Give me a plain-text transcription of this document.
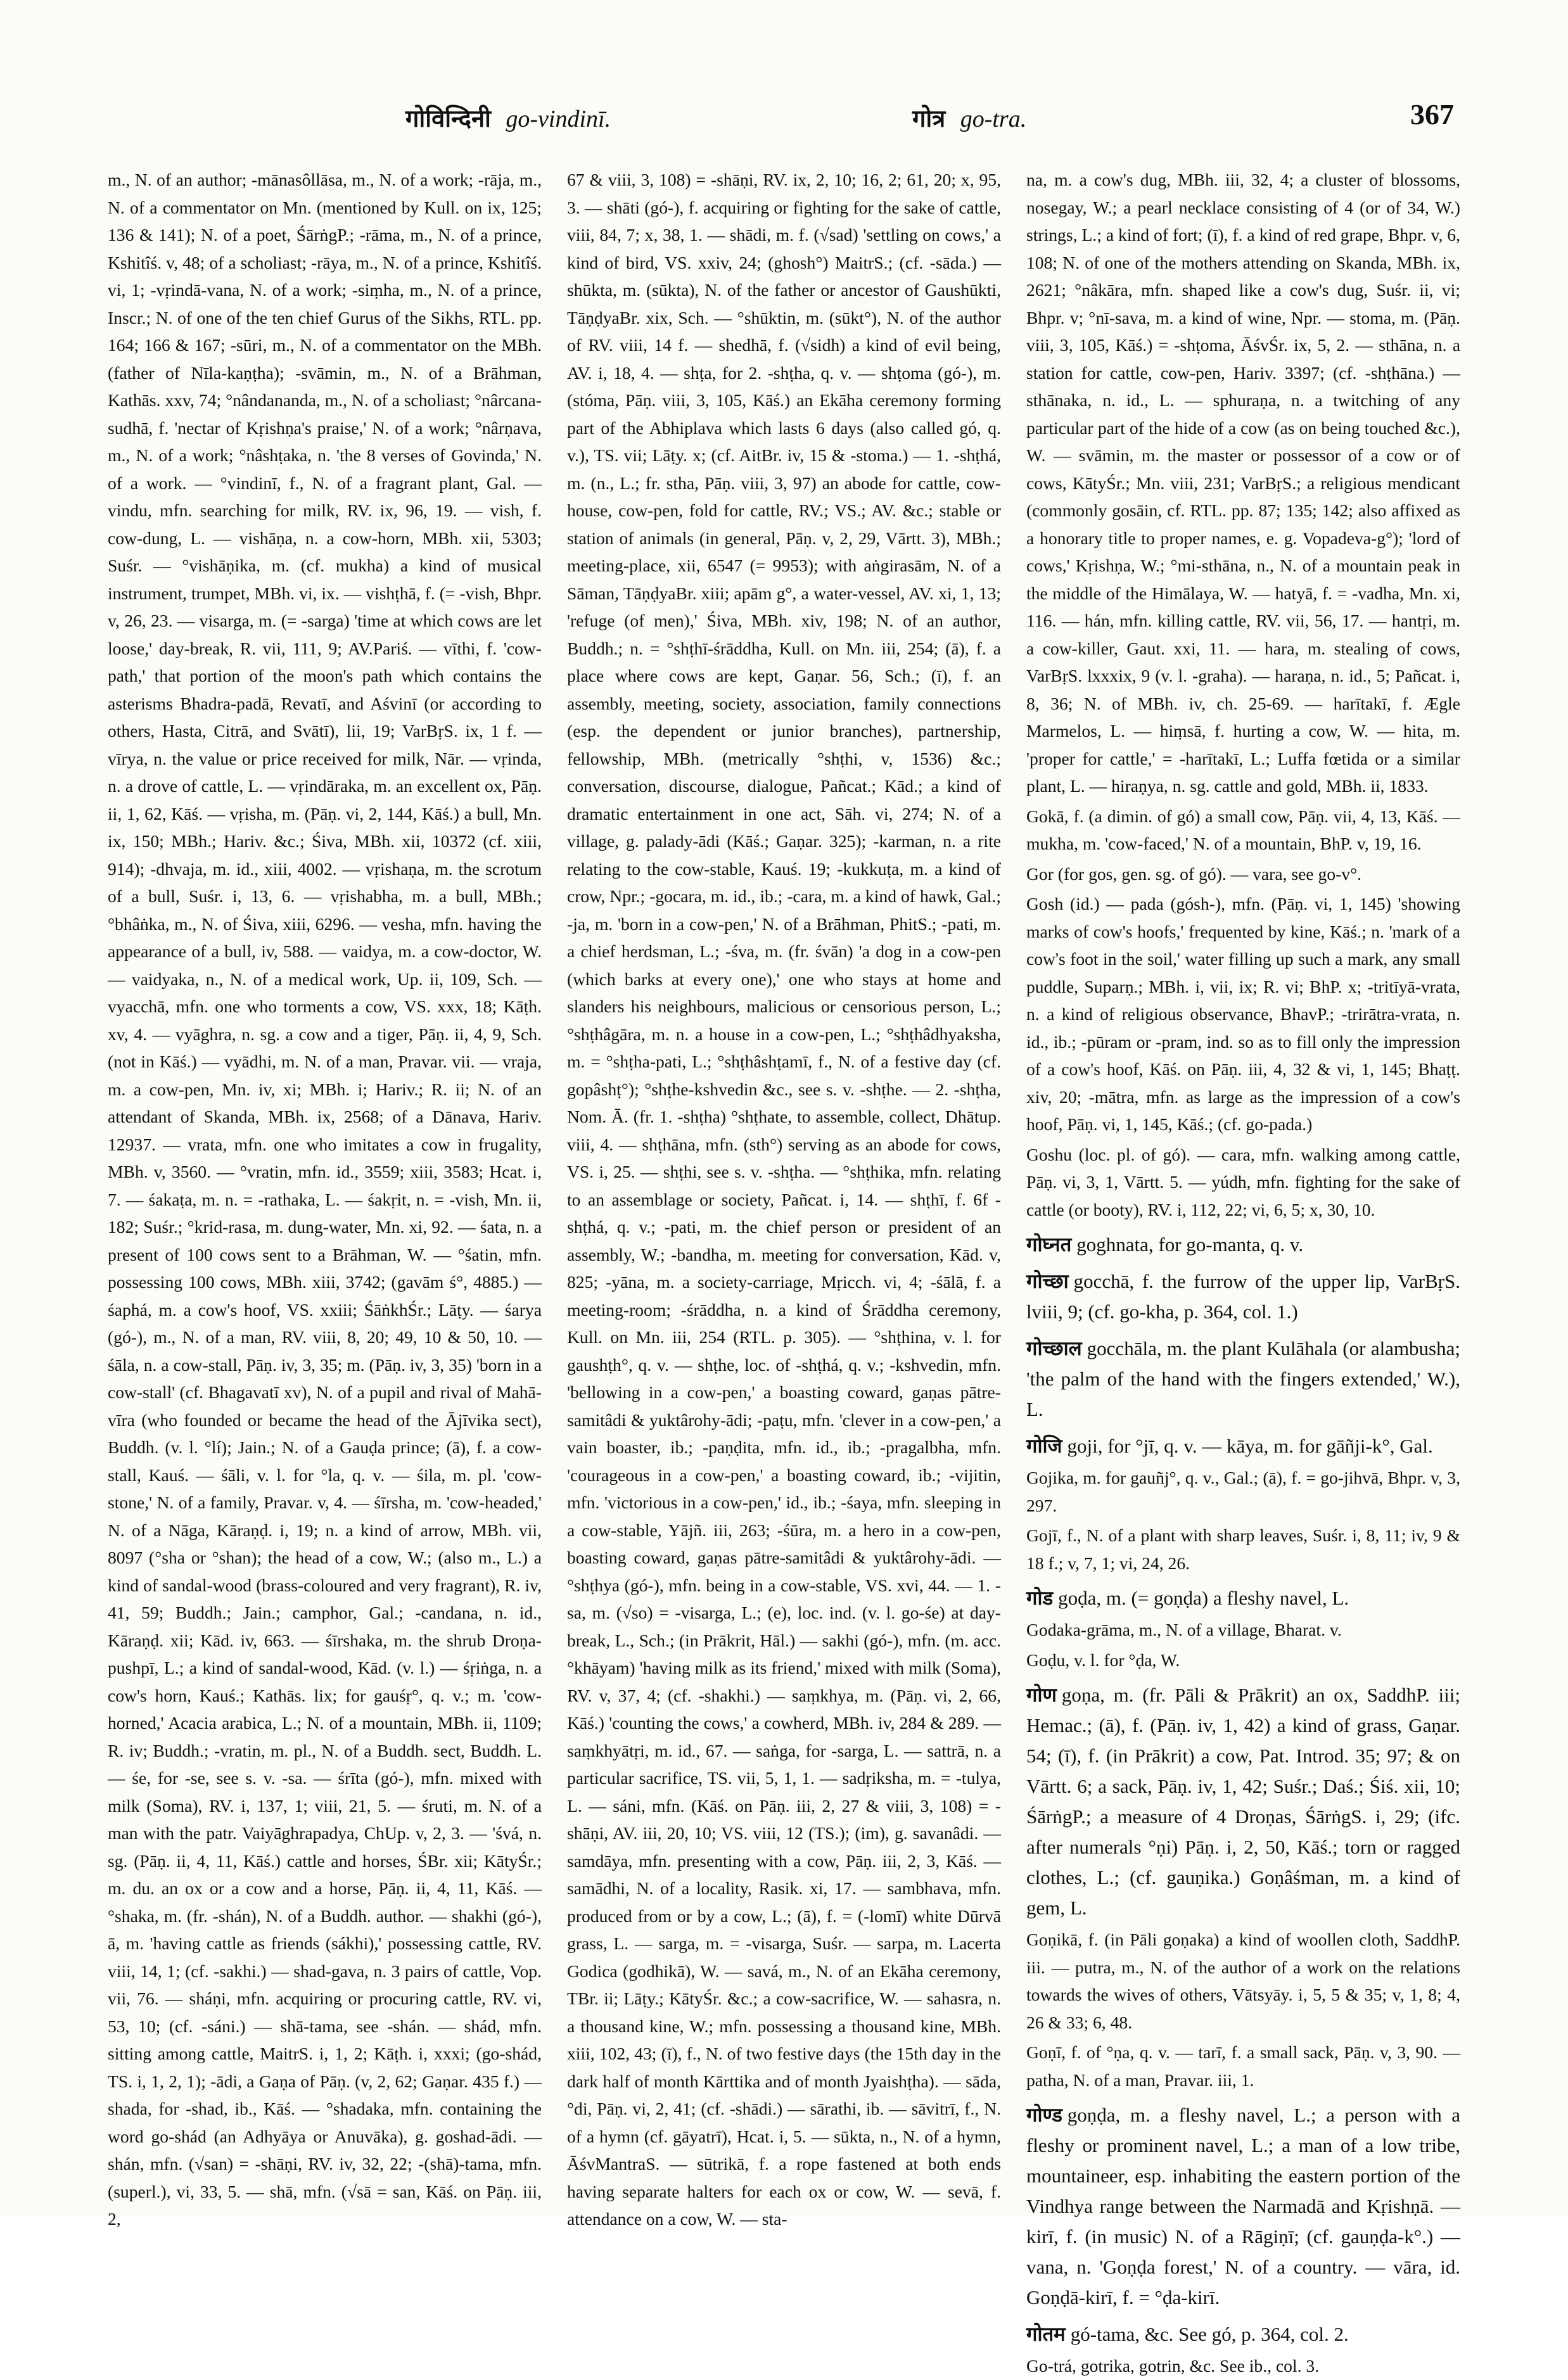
गोविन्दिनी go-vindinī.	गोत्र go-tra.	367

m., N. of an author; -mānasôllāsa, m., N. of a work; -rāja, m., N. of a commentator on Mn. (mentioned by Kull. on ix, 125; 136 & 141); N. of a poet, ŚārṅgP.; -rāma, m., N. of a prince, Kshitîś. v, 48; of a scholiast; -rāya, m., N. of a prince, Kshitîś. vi, 1; -vṛindā-vana, N. of a work; -siṃha, m., N. of a prince, Inscr.; N. of one of the ten chief Gurus of the Sikhs, RTL. pp. 164; 166 & 167; -sūri, m., N. of a commentator on the MBh. (father of Nīla-kaṇṭha); -svāmin, m., N. of a Brāhman, Kathās. xxv, 74; °nândananda, m., N. of a scholiast; °nârcana-sudhā, f. 'nectar of Kṛishṇa's praise,' N. of a work; °nârṇava, m., N. of a work; °nâshṭaka, n. 'the 8 verses of Govinda,' N. of a work. — °vindinī, f., N. of a fragrant plant, Gal. — vindu, mfn. searching for milk, RV. ix, 96, 19. — vish, f. cow-dung, L. — vishāṇa, n. a cow-horn, MBh. xii, 5303; Suśr. — °vishāṇika, m. (cf. mukha) a kind of musical instrument, trumpet, MBh. vi, ix. — vishṭhā, f. (= -vish, Bhpr. v, 26, 23. — visarga, m. (= -sarga) 'time at which cows are let loose,' day-break, R. vii, 111, 9; AV.Pariś. — vīthi, f. 'cow-path,' that portion of the moon's path which contains the asterisms Bhadra-padā, Revatī, and Aśvinī (or according to others, Hasta, Citrā, and Svātī), lii, 19; VarBṛS. ix, 1 f. — vīrya, n. the value or price received for milk, Nār. — vṛinda, n. a drove of cattle, L. — vṛindāraka, m. an excellent ox, Pāṇ. ii, 1, 62, Kāś. — vṛisha, m. (Pāṇ. vi, 2, 144, Kāś.) a bull, Mn. ix, 150; MBh.; Hariv. &c.; Śiva, MBh. xii, 10372 (cf. xiii, 914); -dhvaja, m. id., xiii, 4002. — vṛishaṇa, m. the scrotum of a bull, Suśr. i, 13, 6. — vṛishabha, m. a bull, MBh.; °bhâṅka, m., N. of Śiva, xiii, 6296. — vesha, mfn. having the appearance of a bull, iv, 588. — vaidya, m. a cow-doctor, W. — vaidyaka, n., N. of a medical work, Up. ii, 109, Sch. — vyacchā, mfn. one who torments a cow, VS. xxx, 18; Kāṭh. xv, 4. — vyāghra, n. sg. a cow and a tiger, Pāṇ. ii, 4, 9, Sch. (not in Kāś.) — vyādhi, m. N. of a man, Pravar. vii. — vraja, m. a cow-pen, Mn. iv, xi; MBh. i; Hariv.; R. ii; N. of an attendant of Skanda, MBh. ix, 2568; of a Dānava, Hariv. 12937. — vrata, mfn. one who imitates a cow in frugality, MBh. v, 3560. — °vratin, mfn. id., 3559; xiii, 3583; Hcat. i, 7. — śakaṭa, m. n. = -rathaka, L. — śakṛit, n. = -vish, Mn. ii, 182; Suśr.; °krid-rasa, m. dung-water, Mn. xi, 92. — śata, n. a present of 100 cows sent to a Brāhman, W. — °śatin, mfn. possessing 100 cows, MBh. xiii, 3742; (gavām ś°, 4885.) — śaphá, m. a cow's hoof, VS. xxiii; ŚāṅkhŚr.; Lāṭy. — śarya (gó-), m., N. of a man, RV. viii, 8, 20; 49, 10 & 50, 10. — śāla, n. a cow-stall, Pāṇ. iv, 3, 35; m. (Pāṇ. iv, 3, 35) 'born in a cow-stall' (cf. Bhagavatī xv), N. of a pupil and rival of Mahā-vīra (who founded or became the head of the Ājīvika sect), Buddh. (v. l. °lí); Jain.; N. of a Gauḍa prince; (ā), f. a cow-stall, Kauś. — śāli, v. l. for °la, q. v. — śila, m. pl. 'cow-stone,' N. of a family, Pravar. v, 4. — śīrsha, m. 'cow-headed,' N. of a Nāga, Kāraṇḍ. i, 19; n. a kind of arrow, MBh. vii, 8097 (°sha or °shan); the head of a cow, W.; (also m., L.) a kind of sandal-wood (brass-coloured and very fragrant), R. iv, 41, 59; Buddh.; Jain.; camphor, Gal.; -candana, n. id., Kāraṇḍ. xii; Kād. iv, 663. — śīrshaka, m. the shrub Droṇa-pushpī, L.; a kind of sandal-wood, Kād. (v. l.) — śṛiṅga, n. a cow's horn, Kauś.; Kathās. lix; for gauśṛ°, q. v.; m. 'cow-horned,' Acacia arabica, L.; N. of a mountain, MBh. ii, 1109; R. iv; Buddh.; -vratin, m. pl., N. of a Buddh. sect, Buddh. L. — śe, for -se, see s. v. -sa. — śrīta (gó-), mfn. mixed with milk (Soma), RV. i, 137, 1; viii, 21, 5. — śruti, m. N. of a man with the patr. Vaiyāghrapadya, ChUp. v, 2, 3. — 'śvá, n. sg. (Pāṇ. ii, 4, 11, Kāś.) cattle and horses, ŚBr. xii; KātyŚr.; m. du. an ox or a cow and a horse, Pāṇ. ii, 4, 11, Kāś. — °shaka, m. (fr. -shán), N. of a Buddh. author. — shakhi (gó-), ā, m. 'having cattle as friends (sákhi),' possessing cattle, RV. viii, 14, 1; (cf. -sakhi.) — shad-gava, n. 3 pairs of cattle, Vop. vii, 76. — sháṇi, mfn. acquiring or procuring cattle, RV. vi, 53, 10; (cf. -sáni.) — shā-tama, see -shán. — shád, mfn. sitting among cattle, MaitrS. i, 1, 2; Kāṭh. i, xxxi; (go-shád, TS. i, 1, 2, 1); -ādi, a Gaṇa of Pāṇ. (v, 2, 62; Gaṇar. 435 f.) — shada, for -shad, ib., Kāś. — °shadaka, mfn. containing the word go-shád (an Adhyāya or Anuvāka), g. goshad-ādi. — shán, mfn. (√san) = -shāṇi, RV. iv, 32, 22; -(shā)-tama, mfn. (superl.), vi, 33, 5. — shā, mfn. (√sā = san, Kāś. on Pāṇ. iii, 2,

67 & viii, 3, 108) = -shāṇi, RV. ix, 2, 10; 16, 2; 61, 20; x, 95, 3. — shāti (gó-), f. acquiring or fighting for the sake of cattle, viii, 84, 7; x, 38, 1. — shādi, m. f. (√sad) 'settling on cows,' a kind of bird, VS. xxiv, 24; (ghosh°) MaitrS.; (cf. -sāda.) — shūkta, m. (sūkta), N. of the father or ancestor of Gaushūkti, TāṇḍyaBr. xix, Sch. — °shūktin, m. (sūkt°), N. of the author of RV. viii, 14 f. — shedhā, f. (√sidh) a kind of evil being, AV. i, 18, 4. — shṭa, for 2. -shṭha, q. v. — shṭoma (gó-), m. (stóma, Pāṇ. viii, 3, 105, Kāś.) an Ekāha ceremony forming part of the Abhiplava which lasts 6 days (also called gó, q. v.), TS. vii; Lāṭy. x; (cf. AitBr. iv, 15 & -stoma.) — 1. -shṭhá, m. (n., L.; fr. stha, Pāṇ. viii, 3, 97) an abode for cattle, cow-house, cow-pen, fold for cattle, RV.; VS.; AV. &c.; stable or station of animals (in general, Pāṇ. v, 2, 29, Vārtt. 3), MBh.; meeting-place, xii, 6547 (= 9953); with aṅgirasām, N. of a Sāman, TāṇḍyaBr. xiii; apām g°, a water-vessel, AV. xi, 1, 13; 'refuge (of men),' Śiva, MBh. xiv, 198; N. of an author, Buddh.; n. = °shṭhī-śrāddha, Kull. on Mn. iii, 254; (ā), f. a place where cows are kept, Gaṇar. 56, Sch.; (ī), f. an assembly, meeting, society, association, family connections (esp. the dependent or junior branches), partnership, fellowship, MBh. (metrically °shṭhi, v, 1536) &c.; conversation, discourse, dialogue, Pañcat.; Kād.; a kind of dramatic entertainment in one act, Sāh. vi, 274; N. of a village, g. palady-ādi (Kāś.; Gaṇar. 325); -karman, n. a rite relating to the cow-stable, Kauś. 19; -kukkuṭa, m. a kind of crow, Npr.; -gocara, m. id., ib.; -cara, m. a kind of hawk, Gal.; -ja, m. 'born in a cow-pen,' N. of a Brāhman, PhitS.; -pati, m. a chief herdsman, L.; -śva, m. (fr. śvān) 'a dog in a cow-pen (which barks at every one),' one who stays at home and slanders his neighbours, malicious or censorious person, L.; °shṭhâgāra, m. n. a house in a cow-pen, L.; °shṭhâdhyaksha, m. = °shṭha-pati, L.; °shṭhâshṭamī, f., N. of a festive day (cf. gopâshṭ°); °shṭhe-kshvedin &c., see s. v. -shṭhe. — 2. -shṭha, Nom. Ā. (fr. 1. -shṭha) °shṭhate, to assemble, collect, Dhātup. viii, 4. — shṭhāna, mfn. (sth°) serving as an abode for cows, VS. i, 25. — shṭhi, see s. v. -shṭha. — °shṭhika, mfn. relating to an assemblage or society, Pañcat. i, 14. — shṭhī, f. 6f -shṭhá, q. v.; -pati, m. the chief person or president of an assembly, W.; -bandha, m. meeting for conversation, Kād. v, 825; -yāna, m. a society-carriage, Mṛicch. vi, 4; -śālā, f. a meeting-room; -śrāddha, n. a kind of Śrāddha ceremony, Kull. on Mn. iii, 254 (RTL. p. 305). — °shṭhina, v. l. for gaushṭh°, q. v. — shṭhe, loc. of -shṭhá, q. v.; -kshvedin, mfn. 'bellowing in a cow-pen,' a boasting coward, gaṇas pātre-samitâdi & yuktârohy-ādi; -paṭu, mfn. 'clever in a cow-pen,' a vain boaster, ib.; -paṇḍita, mfn. id., ib.; -pragalbha, mfn. 'courageous in a cow-pen,' a boasting coward, ib.; -vijitin, mfn. 'victorious in a cow-pen,' id., ib.; -śaya, mfn. sleeping in a cow-stable, Yājñ. iii, 263; -śūra, m. a hero in a cow-pen, boasting coward, gaṇas pātre-samitâdi & yuktârohy-ādi. — °shṭhya (gó-), mfn. being in a cow-stable, VS. xvi, 44. — 1. -sa, m. (√so) = -visarga, L.; (e), loc. ind. (v. l. go-śe) at day-break, L., Sch.; (in Prākrit, Hāl.) — sakhi (gó-), mfn. (m. acc. °khāyam) 'having milk as its friend,' mixed with milk (Soma), RV. v, 37, 4; (cf. -shakhi.) — saṃkhya, m. (Pāṇ. vi, 2, 66, Kāś.) 'counting the cows,' a cowherd, MBh. iv, 284 & 289. — saṃkhyātṛi, m. id., 67. — saṅga, for -sarga, L. — sattrā, n. a particular sacrifice, TS. vii, 5, 1, 1. — sadṛiksha, m. = -tulya, L. — sáni, mfn. (Kāś. on Pāṇ. iii, 2, 27 & viii, 3, 108) = -shāṇi, AV. iii, 20, 10; VS. viii, 12 (TS.); (im), g. savanâdi. — samdāya, mfn. presenting with a cow, Pāṇ. iii, 2, 3, Kāś. — samādhi, N. of a locality, Rasik. xi, 17. — sambhava, mfn. produced from or by a cow, L.; (ā), f. = (-lomī) white Dūrvā grass, L. — sarga, m. = -visarga, Suśr. — sarpa, m. Lacerta Godica (godhikā), W. — savá, m., N. of an Ekāha ceremony, TBr. ii; Lāṭy.; KātyŚr. &c.; a cow-sacrifice, W. — sahasra, n. a thousand kine, W.; mfn. possessing a thousand kine, MBh. xiii, 102, 43; (ī), f., N. of two festive days (the 15th day in the dark half of month Kārttika and of month Jyaishṭha). — sāda, °di, Pāṇ. vi, 2, 41; (cf. -shādi.) — sārathi, ib. — sāvitrī, f., N. of a hymn (cf. gāyatrī), Hcat. i, 5. — sūkta, n., N. of a hymn, ĀśvMantraS. — sūtrikā, f. a rope fastened at both ends having separate halters for each ox or cow, W. — sevā, f. attendance on a cow, W. — sta-

na, m. a cow's dug, MBh. iii, 32, 4; a cluster of blossoms, nosegay, W.; a pearl necklace consisting of 4 (or of 34, W.) strings, L.; a kind of fort; (ī), f. a kind of red grape, Bhpr. v, 6, 108; N. of one of the mothers attending on Skanda, MBh. ix, 2621; °nâkāra, mfn. shaped like a cow's dug, Suśr. ii, vi; Bhpr. v; °nī-sava, m. a kind of wine, Npr. — stoma, m. (Pāṇ. viii, 3, 105, Kāś.) = -shṭoma, ĀśvŚr. ix, 5, 2. — sthāna, n. a station for cattle, cow-pen, Hariv. 3397; (cf. -shṭhāna.) — sthānaka, n. id., L. — sphuraṇa, n. a twitching of any particular part of the hide of a cow (as on being touched &c.), W. — svāmin, m. the master or possessor of a cow or of cows, KātyŚr.; Mn. viii, 231; VarBṛS.; a religious mendicant (commonly gosāin, cf. RTL. pp. 87; 135; 142; also affixed as a honorary title to proper names, e. g. Vopadeva-g°); 'lord of cows,' Kṛishṇa, W.; °mi-sthāna, n., N. of a mountain peak in the middle of the Himālaya, W. — hatyā, f. = -vadha, Mn. xi, 116. — hán, mfn. killing cattle, RV. vii, 56, 17. — hantṛi, m. a cow-killer, Gaut. xxi, 11. — hara, m. stealing of cows, VarBṛS. lxxxix, 9 (v. l. -graha). — haraṇa, n. id., 5; Pañcat. i, 8, 36; N. of MBh. iv, ch. 25-69. — harītakī, f. Ægle Marmelos, L. — hiṃsā, f. hurting a cow, W. — hita, m. 'proper for cattle,' = -harītakī, L.; Luffa fœtida or a similar plant, L. — hiraṇya, n. sg. cattle and gold, MBh. ii, 1833.

Gokā, f. (a dimin. of gó) a small cow, Pāṇ. vii, 4, 13, Kāś. — mukha, m. 'cow-faced,' N. of a mountain, BhP. v, 19, 16.

Gor (for gos, gen. sg. of gó). — vara, see go-v°.

Gosh (id.) — pada (gósh-), mfn. (Pāṇ. vi, 1, 145) 'showing marks of cow's hoofs,' frequented by kine, Kāś.; n. 'mark of a cow's foot in the soil,' water filling up such a mark, any small puddle, Suparṇ.; MBh. i, vii, ix; R. vi; BhP. x; -tritīyā-vrata, n. a kind of religious observance, BhavP.; -trirātra-vrata, n. id., ib.; -pūram or -pram, ind. so as to fill only the impression of a cow's hoof, Kāś. on Pāṇ. iii, 4, 32 & vi, 1, 145; Bhaṭṭ. xiv, 20; -mātra, mfn. as large as the impression of a cow's hoof, Pāṇ. vi, 1, 145, Kāś.; (cf. go-pada.)

Goshu (loc. pl. of gó). — cara, mfn. walking among cattle, Pāṇ. vi, 3, 1, Vārtt. 5. — yúdh, mfn. fighting for the sake of cattle (or booty), RV. i, 112, 22; vi, 6, 5; x, 30, 10.

गोघ्नत goghnata, for go-manta, q. v.

गोच्छा gocchā, f. the furrow of the upper lip, VarBṛS. lviii, 9; (cf. go-kha, p. 364, col. 1.)

गोच्छाल gocchāla, m. the plant Kulāhala (or alambusha; 'the palm of the hand with the fingers extended,' W.), L.

गोजि goji, for °jī, q. v. — kāya, m. for gāñji-k°, Gal.

Gojika, m. for gauñj°, q. v., Gal.; (ā), f. = go-jihvā, Bhpr. v, 3, 297.

Gojī, f., N. of a plant with sharp leaves, Suśr. i, 8, 11; iv, 9 & 18 f.; v, 7, 1; vi, 24, 26.

गोड goḍa, m. (= goṇḍa) a fleshy navel, L.

Godaka-grāma, m., N. of a village, Bharat. v.

Goḍu, v. l. for °ḍa, W.

गोण goṇa, m. (fr. Pāli & Prākrit) an ox, SaddhP. iii; Hemac.; (ā), f. (Pāṇ. iv, 1, 42) a kind of grass, Gaṇar. 54; (ī), f. (in Prākrit) a cow, Pat. Introd. 35; 97; & on Vārtt. 6; a sack, Pāṇ. iv, 1, 42; Suśr.; Daś.; Śiś. xii, 10; ŚārṅgP.; a measure of 4 Droṇas, ŚārṅgS. i, 29; (ifc. after numerals °ṇi) Pāṇ. i, 2, 50, Kāś.; torn or ragged clothes, L.; (cf. gauṇika.) Goṇâśman, m. a kind of gem, L.

Goṇikā, f. (in Pāli goṇaka) a kind of woollen cloth, SaddhP. iii. — putra, m., N. of the author of a work on the relations towards the wives of others, Vātsyāy. i, 5, 5 & 35; v, 1, 8; 4, 26 & 33; 6, 48.

Goṇī, f. of °ṇa, q. v. — tarī, f. a small sack, Pāṇ. v, 3, 90. — patha, N. of a man, Pravar. iii, 1.

गोण्ड goṇḍa, m. a fleshy navel, L.; a person with a fleshy or prominent navel, L.; a man of a low tribe, mountaineer, esp. inhabiting the eastern portion of the Vindhya range between the Narmadā and Kṛishṇā. — kirī, f. (in music) N. of a Rāgiṇī; (cf. gauṇḍa-k°.) — vana, n. 'Goṇḍa forest,' N. of a country. — vāra, id. Goṇḍā-kirī, f. = °ḍa-kirī.

गोतम gó-tama, &c. See gó, p. 364, col. 2.

Go-trá, gotrika, gotrin, &c. See ib., col. 3.
